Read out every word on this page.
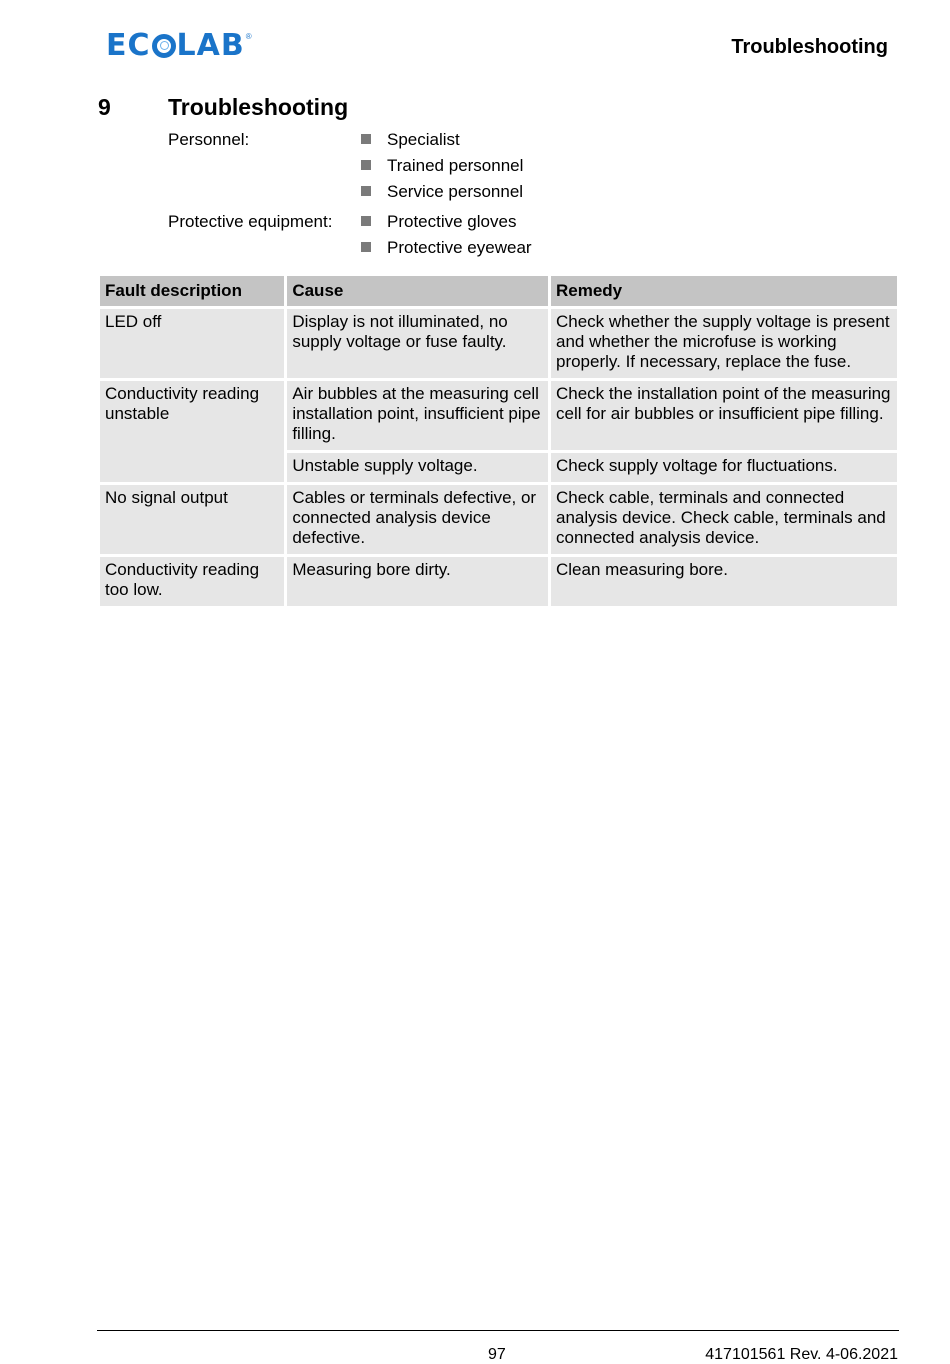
EC LAB ®	Troubleshooting
9 Troubleshooting
Personnel:	Specialist
Trained personnel
Service personnel
Protective equipment:	Protective gloves
Protective eyewear
Fault description	Cause	Remedy
LED off	Display is not illuminated, no supply voltage or fuse faulty.	Check whether the supply voltage is present and whether the microfuse is working properly. If necessary, replace the fuse.
Conductivity reading unstable	Air bubbles at the measuring cell installation point, insufficient pipe filling.	Check the installation point of the measuring cell for air bubbles or insufficient pipe filling.
	Unstable supply voltage.	Check supply voltage for fluctuations.
No signal output	Cables or terminals defective, or connected analysis device defective.	Check cable, terminals and connected analysis device. Check cable, terminals and connected analysis device.
Conductivity reading too low.	Measuring bore dirty.	Clean measuring bore.
97	417101561 Rev. 4-06.2021
